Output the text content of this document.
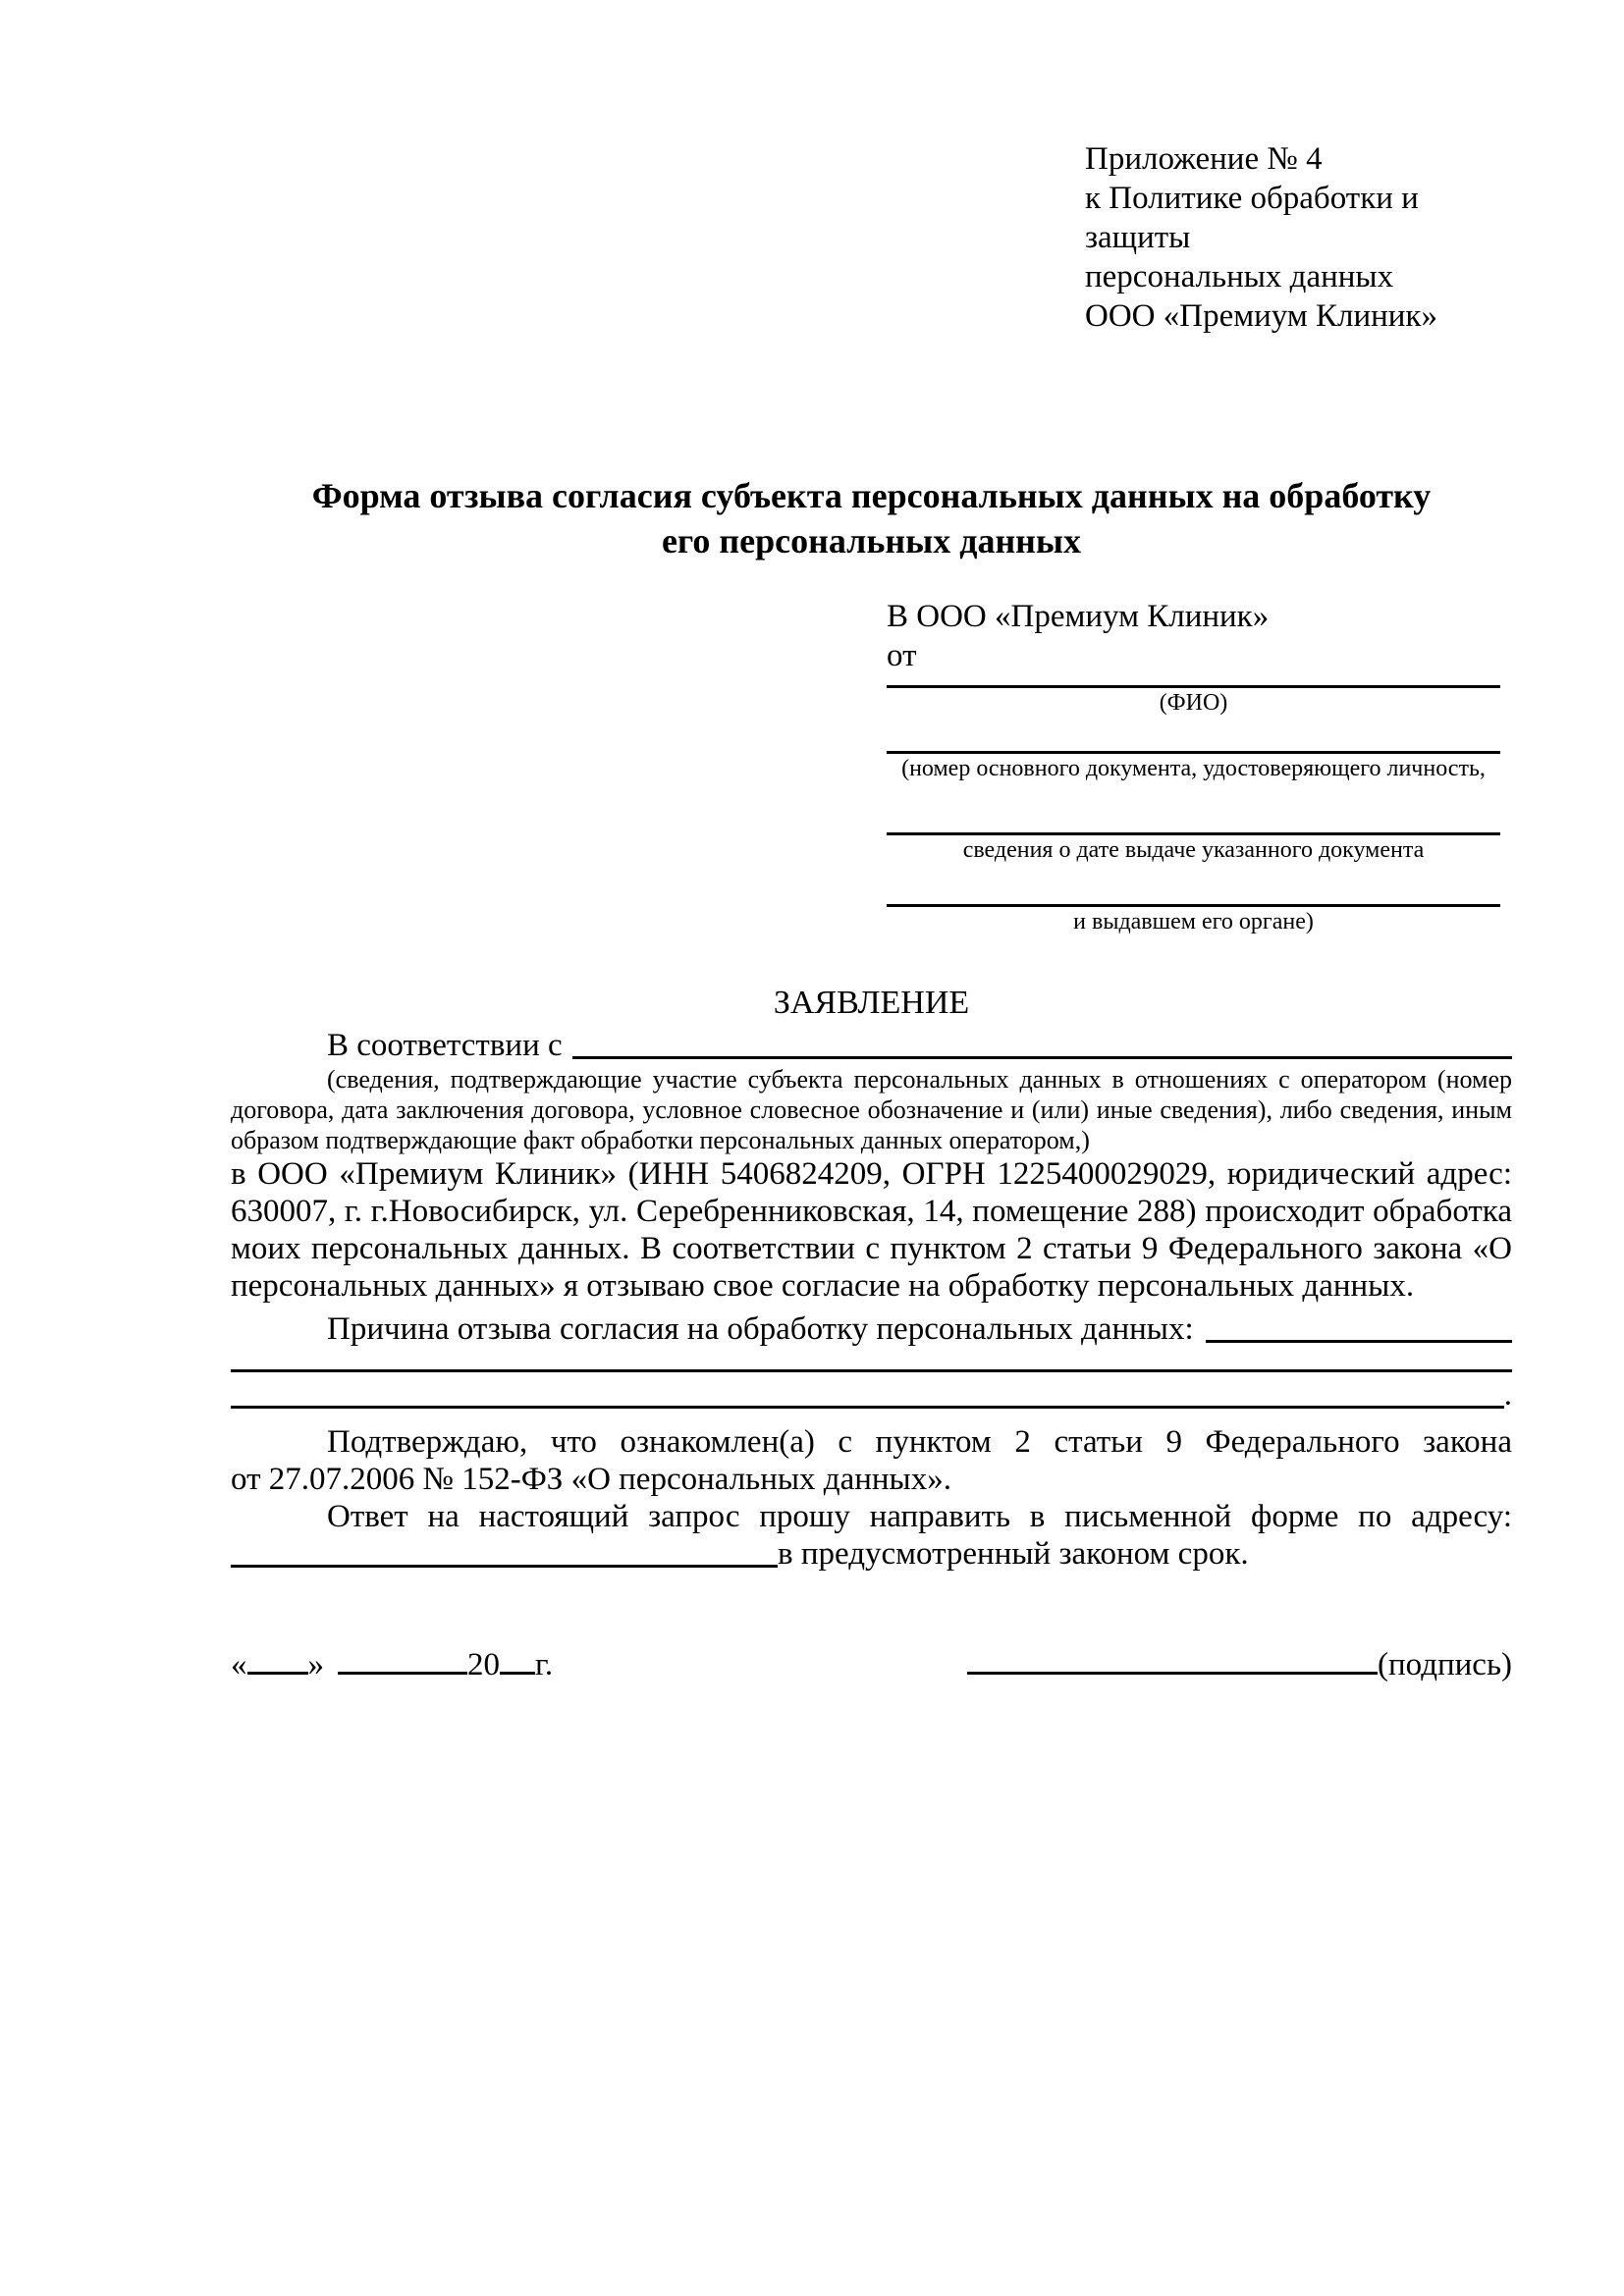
Приложение № 4
к Политике обработки и защиты
персональных данных
ООО «Премиум Клиник»
Форма отзыва согласия субъекта персональных данных на обработку
его персональных данных
В ООО «Премиум Клиник»
от
(ФИО)
(номер основного документа, удостоверяющего личность,
сведения о дате выдаче указанного документа
и выдавшем его органе)
ЗАЯВЛЕНИЕ
В соответствии с
(сведения, подтверждающие участие субъекта персональных данных в отношениях с оператором (номер договора, дата заключения договора, условное словесное обозначение и (или) иные сведения), либо сведения, иным образом подтверждающие факт обработки персональных данных оператором,)
в ООО «Премиум Клиник» (ИНН 5406824209, ОГРН 1225400029029, юридический адрес: 630007, г. г.Новосибирск, ул. Серебренниковская, 14, помещение 288) происходит обработка моих персональных данных. В соответствии с пунктом 2 статьи 9 Федерального закона «О персональных данных» я отзываю свое согласие на обработку персональных данных.
Причина отзыва согласия на обработку персональных данных:
.
Подтверждаю, что ознакомлен(а) с пунктом 2 статьи 9 Федерального закона
от 27.07.2006 № 152-ФЗ «О персональных данных».
Ответ на настоящий запрос прошу направить в письменной форме по адресу:
в предусмотренный законом срок.
« »	20 г.	(подпись)
